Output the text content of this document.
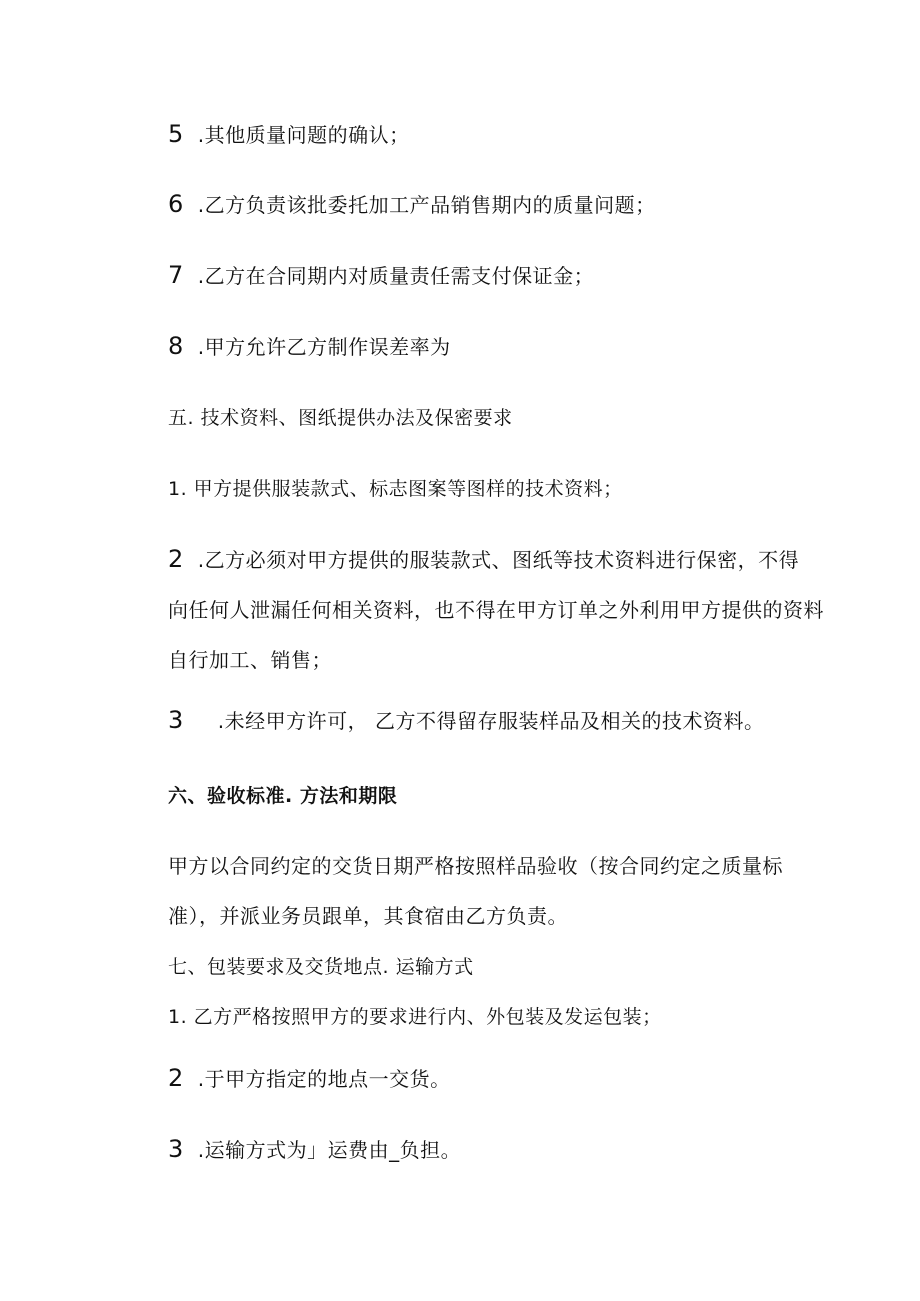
5 .其他质量问题的确认；
6 .乙方负责该批委托加工产品销售期内的质量问题；
7 .乙方在合同期内对质量责任需支付保证金；
8 .甲方允许乙方制作误差率为
五. 技术资料、图纸提供办法及保密要求
1. 甲方提供服装款式、标志图案等图样的技术资料；
2 .乙方必须对甲方提供的服装款式、图纸等技术资料进行保密，不得
向任何人泄漏任何相关资料，也不得在甲方订单之外利用甲方提供的资料
自行加工、销售；
3 .未经甲方许可， 乙方不得留存服装样品及相关的技术资料。
六、验收标准. 方法和期限
甲方以合同约定的交货日期严格按照样品验收（按合同约定之质量标
准），并派业务员跟单，其食宿由乙方负责。
七、包装要求及交货地点. 运输方式
1. 乙方严格按照甲方的要求进行内、外包装及发运包装；
2 .于甲方指定的地点一交货。
3 .运输方式为」运费由_负担。
